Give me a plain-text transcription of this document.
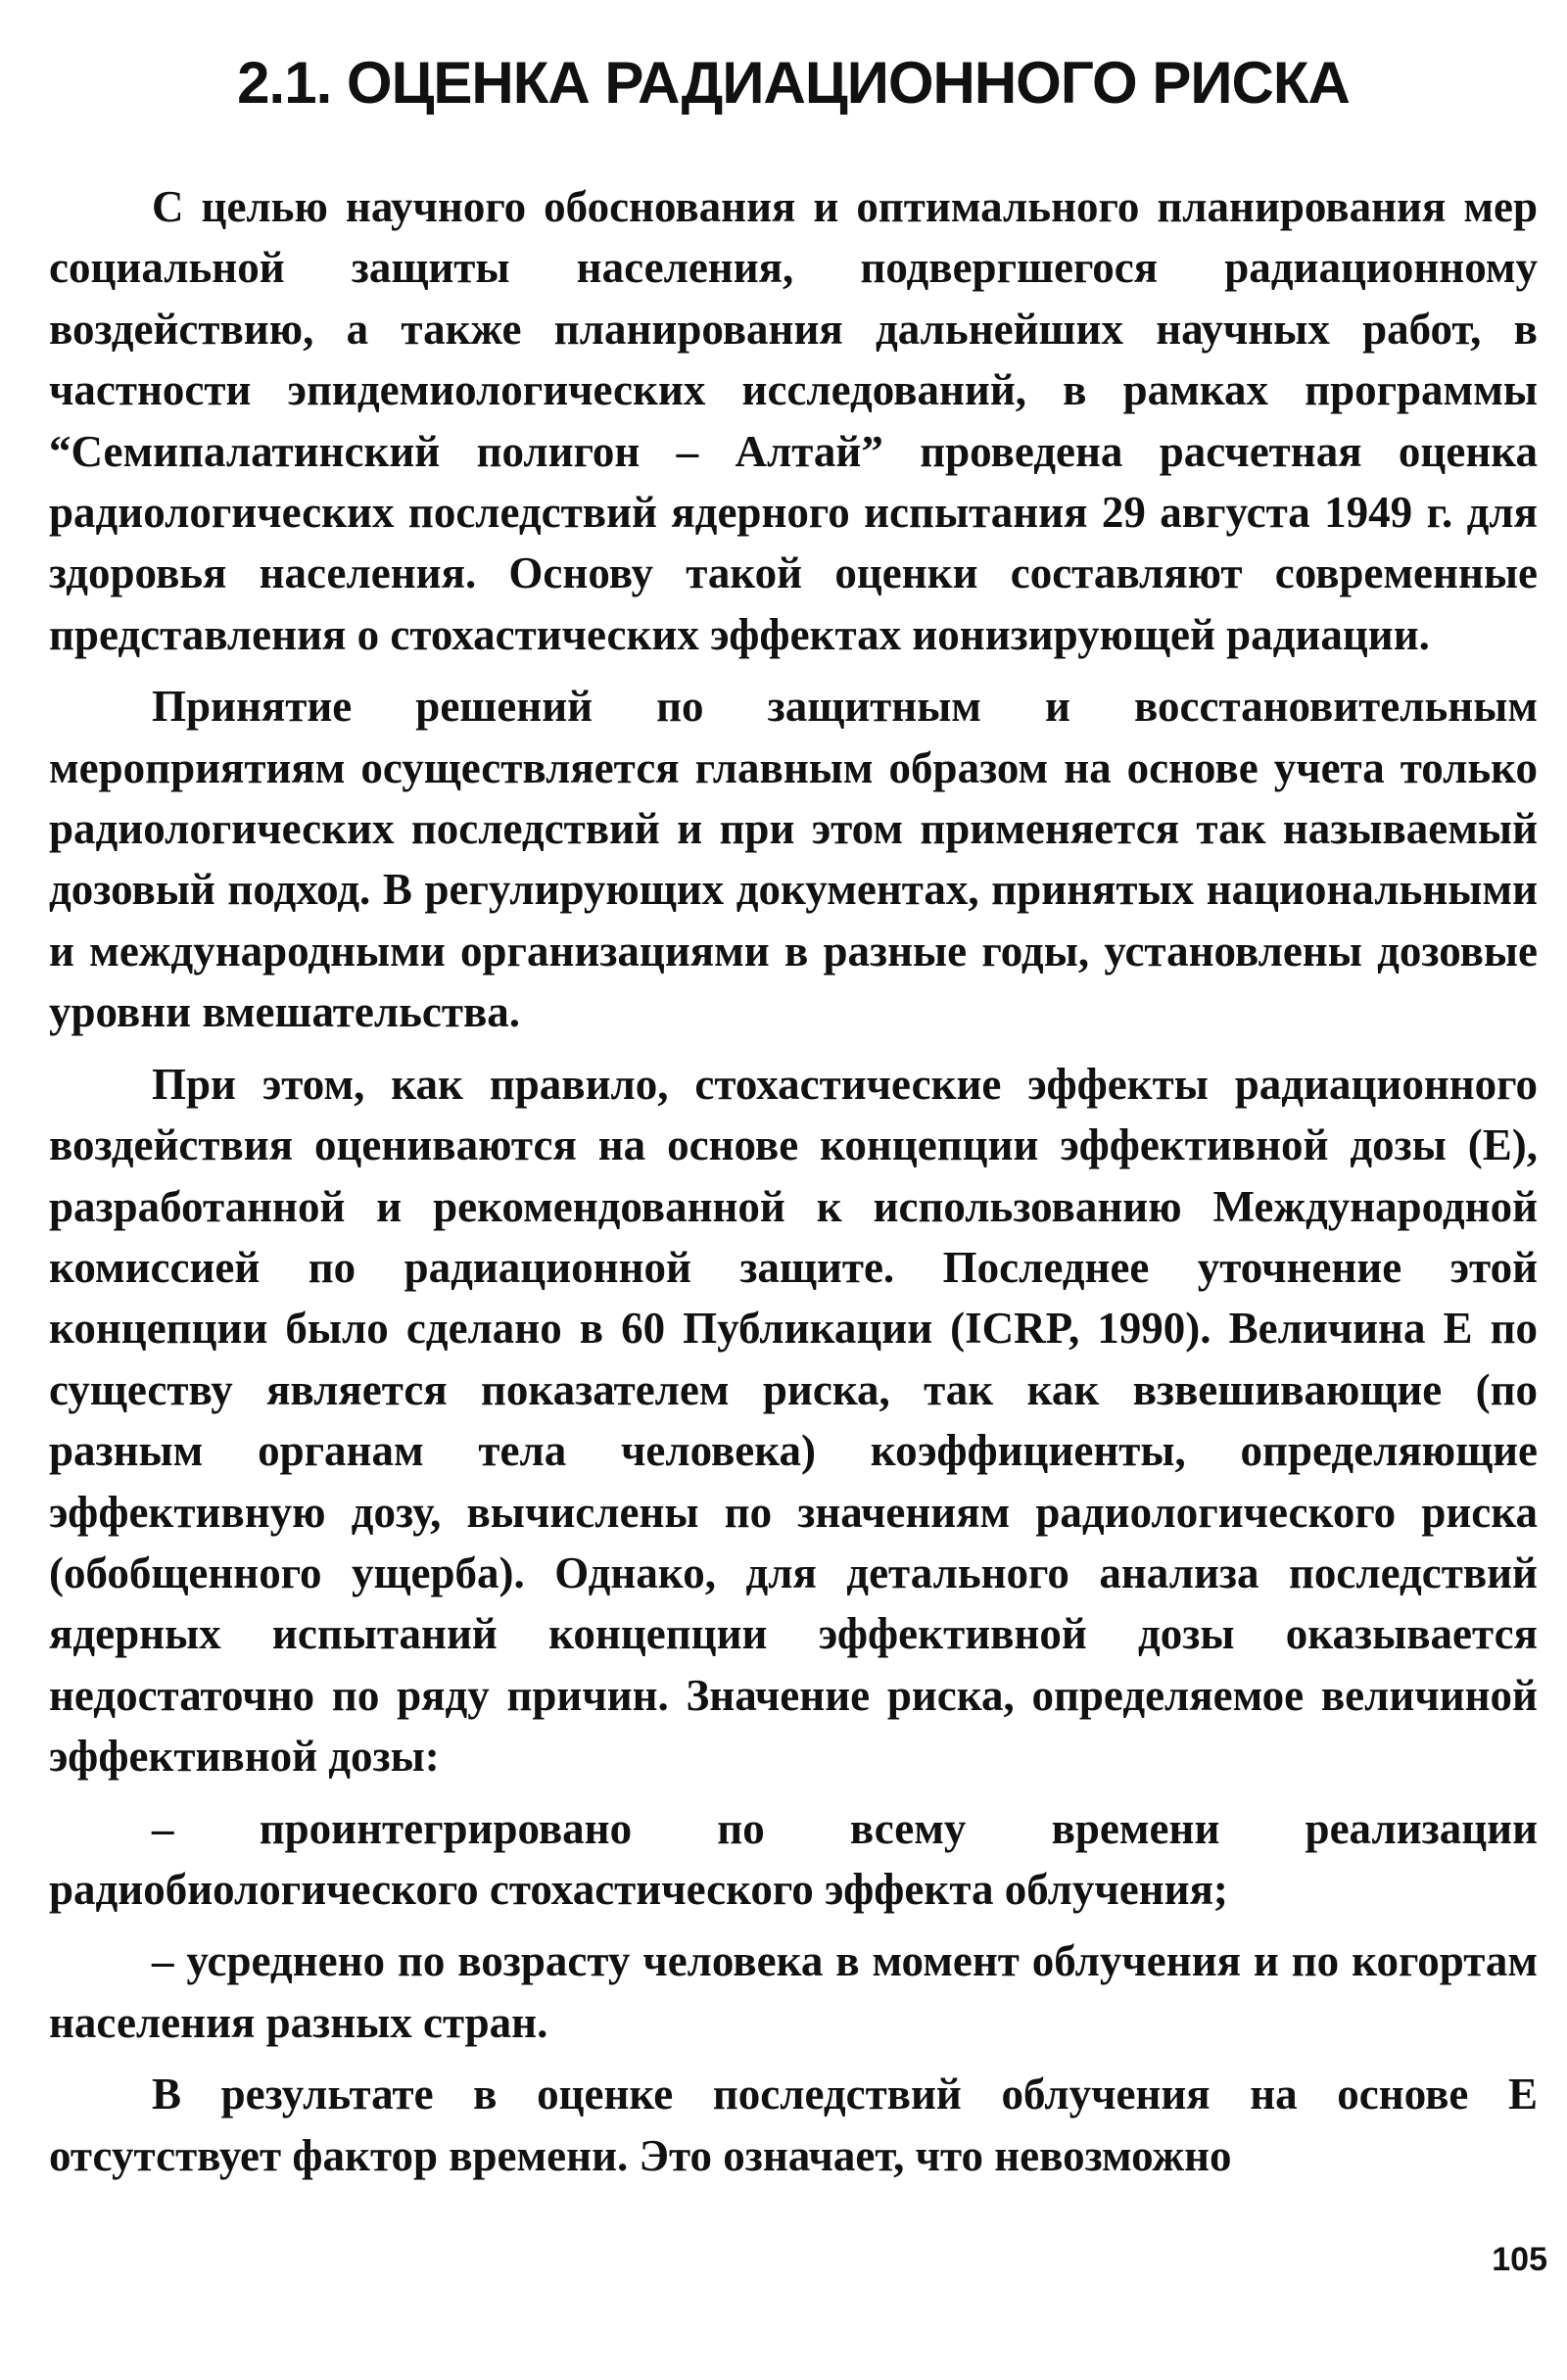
2.1. ОЦЕНКА РАДИАЦИОННОГО РИСКА

С целью научного обоснования и оптимального планирования мер социальной защиты населения, подвергшегося радиационному воздействию, а также планирования дальнейших научных работ, в частности эпидемиологических исследований, в рамках программы “Семипалатинский полигон – Алтай” проведена расчетная оценка радиологических последствий ядерного испытания 29 августа 1949 г. для здоровья населения. Основу такой оценки составляют современные представления о стохастических эффектах ионизирующей радиации.

Принятие решений по защитным и восстановительным мероприятиям осуществляется главным образом на основе учета только радиологических последствий и при этом применяется так называемый дозовый подход. В регулирующих документах, принятых национальными и международными организациями в разные годы, установлены дозовые уровни вмешательства.

При этом, как правило, стохастические эффекты радиационного воздействия оцениваются на основе концепции эффективной дозы (E), разработанной и рекомендованной к использованию Международной комиссией по радиационной защите. Последнее уточнение этой концепции было сделано в 60 Публикации (ICRP, 1990). Величина E по существу является показателем риска, так как взвешивающие (по разным органам тела человека) коэффициенты, определяющие эффективную дозу, вычислены по значениям радиологического риска (обобщенного ущерба). Однако, для детального анализа последствий ядерных испытаний концепции эффективной дозы оказывается недостаточно по ряду причин. Значение риска, определяемое величиной эффективной дозы:

– проинтегрировано по всему времени реализации радиобиологического стохастического эффекта облучения;

– усреднено по возрасту человека в момент облучения и по когортам населения разных стран.

В результате в оценке последствий облучения на основе E отсутствует фактор времени. Это означает, что невозможно

105
